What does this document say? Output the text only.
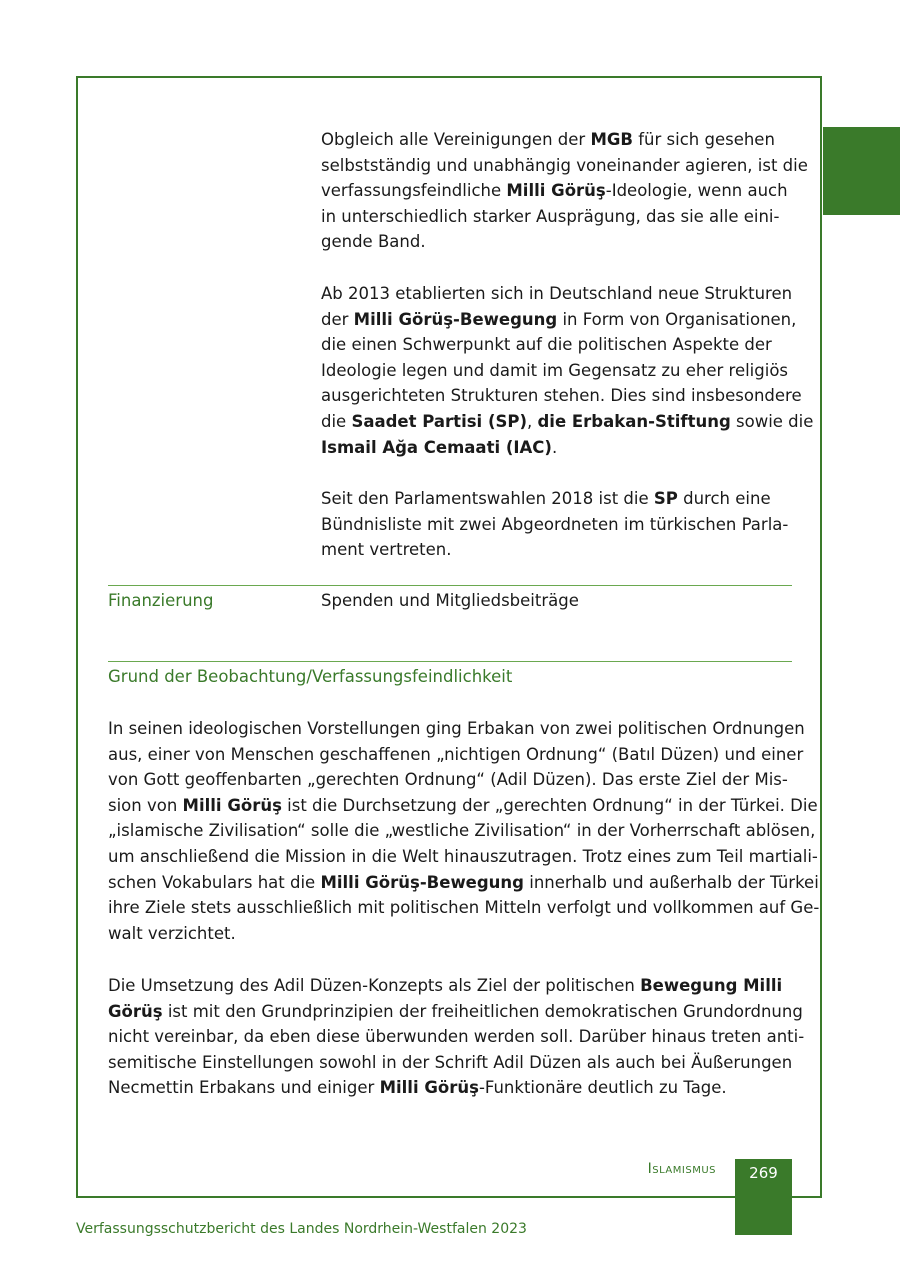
Obgleich alle Vereinigungen der MGB für sich gesehen
selbstständig und unabhängig voneinander agieren, ist die
verfassungsfeindliche Milli Görüş-Ideologie, wenn auch
in unterschiedlich starker Ausprägung, das sie alle eini-
gende Band.

Ab 2013 etablierten sich in Deutschland neue Strukturen
der Milli Görüş-Bewegung in Form von Organisationen,
die einen Schwerpunkt auf die politischen Aspekte der
Ideologie legen und damit im Gegensatz zu eher religiös
ausgerichteten Strukturen stehen. Dies sind insbesondere
die Saadet Partisi (SP), die Erbakan-Stiftung sowie die
Ismail Ağa Cemaati (IAC).

Seit den Parlamentswahlen 2018 ist die SP durch eine
Bündnisliste mit zwei Abgeordneten im türkischen Parla-
ment vertreten.

Finanzierung	Spenden und Mitgliedsbeiträge
Grund der Beobachtung/Verfassungsfeindlichkeit

In seinen ideologischen Vorstellungen ging Erbakan von zwei politischen Ordnungen
aus, einer von Menschen geschaffenen „nichtigen Ordnung“ (Batıl Düzen) und einer
von Gott geoffenbarten „gerechten Ordnung“ (Adil Düzen). Das erste Ziel der Mis-
sion von Milli Görüş ist die Durchsetzung der „gerechten Ordnung“ in der Türkei. Die
„islamische Zivilisation“ solle die „westliche Zivilisation“ in der Vorherrschaft ablösen,
um anschließend die Mission in die Welt hinauszutragen. Trotz eines zum Teil martiali-
schen Vokabulars hat die Milli Görüş-Bewegung innerhalb und außerhalb der Türkei
ihre Ziele stets ausschließlich mit politischen Mitteln verfolgt und vollkommen auf Ge-
walt verzichtet.

Die Umsetzung des Adil Düzen-Konzepts als Ziel der politischen Bewegung Milli
Görüş ist mit den Grundprinzipien der freiheitlichen demokratischen Grundordnung
nicht vereinbar, da eben diese überwunden werden soll. Darüber hinaus treten anti-
semitische Einstellungen sowohl in der Schrift Adil Düzen als auch bei Äußerungen
Necmettin Erbakans und einiger Milli Görüş-Funktionäre deutlich zu Tage.

Islamismus	269
Verfassungsschutzbericht des Landes Nordrhein-Westfalen 2023
